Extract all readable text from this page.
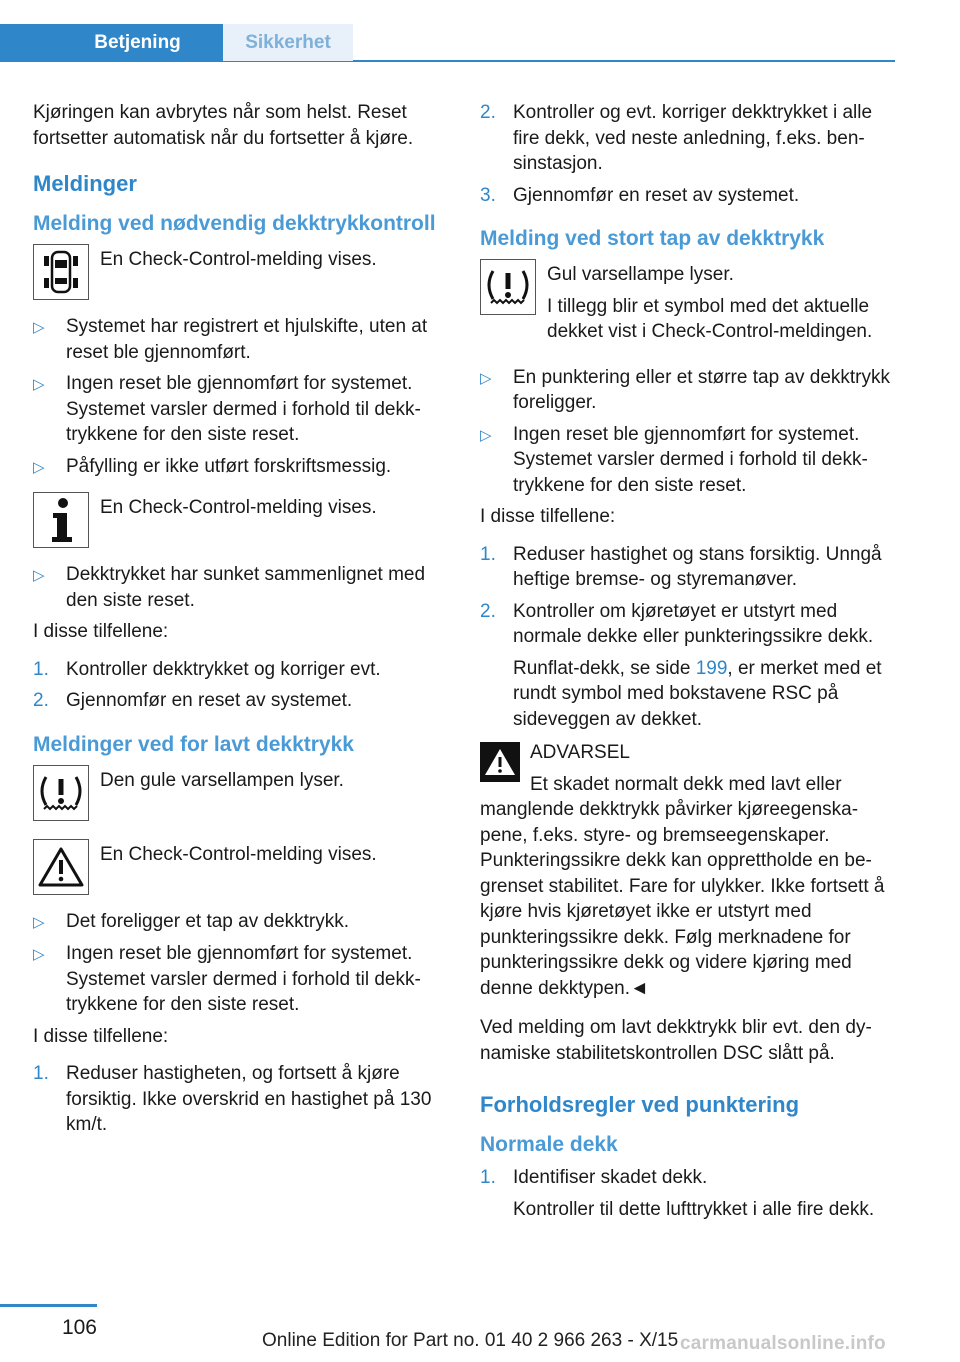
Betjening	Sikkerhet

Kjøringen kan avbrytes når som helst. Reset fortsetter automatisk når du fortsetter å kjøre.

Meldinger
Melding ved nødvendig dekktrykkontroll
En Check-Control-melding vises.
▷	Systemet har registrert et hjulskifte, uten at reset ble gjennomført.
▷	Ingen reset ble gjennomført for systemet. Systemet varsler dermed i forhold til dekktrykkene for den siste reset.
▷	Påfylling er ikke utført forskriftsmessig.
En Check-Control-melding vises.
▷	Dekktrykket har sunket sammenlignet med den siste reset.

I disse tilfellene:

1. Kontroller dekktrykket og korriger evt.
2. Gjennomfør en reset av systemet.
Meldinger ved for lavt dekktrykk
Den gule varsellampen lyser.
En Check-Control-melding vises.
▷	Det foreligger et tap av dekktrykk.
▷	Ingen reset ble gjennomført for systemet. Systemet varsler dermed i forhold til dekktrykkene for den siste reset.

I disse tilfellene:

1. Reduser hastigheten, og fortsett å kjøre forsiktig. Ikke overskrid en hastighet på 130 km/t.
2. Kontroller og evt. korriger dekktrykket i alle fire dekk, ved neste anledning, f.eks. bensinstasjon.
3. Gjennomfør en reset av systemet.
Melding ved stort tap av dekktrykk

Gul varsellampe lyser.

I tillegg blir et symbol med det aktuelle dekket vist i Check-Control-meldingen.

▷	En punktering eller et større tap av dekktrykk foreligger.
▷	Ingen reset ble gjennomført for systemet. Systemet varsler dermed i forhold til dekktrykkene for den siste reset.

I disse tilfellene:

1. Reduser hastighet og stans forsiktig. Unngå heftige bremse- og styremanøver.
2. Kontroller om kjøretøyet er utstyrt med normale dekke eller punkteringssikre dekk.
Runflat-dekk, se side 199, er merket med et rundt symbol med bokstavene RSC på sideveggen av dekket.
ADVARSEL
Et skadet normalt dekk med lavt eller manglende dekktrykk påvirker kjøreegenskapene, f.eks. styre- og bremseegenskaper. Punkteringssikre dekk kan opprettholde en begrenset stabilitet. Fare for ulykker. Ikke fortsett å kjøre hvis kjøretøyet ikke er utstyrt med punkteringssikre dekk. Følg merknadene for punkteringssikre dekk og videre kjøring med denne dekktypen.◄

Ved melding om lavt dekktrykk blir evt. den dynamiske stabilitetskontrollen DSC slått på.

Forholdsregler ved punktering
Normale dekk
1. Identifiser skadet dekk.
Kontroller til dette lufttrykket i alle fire dekk.
106
Online Edition for Part no. 01 40 2 966 263 - X/15 carmanualsonline.info
